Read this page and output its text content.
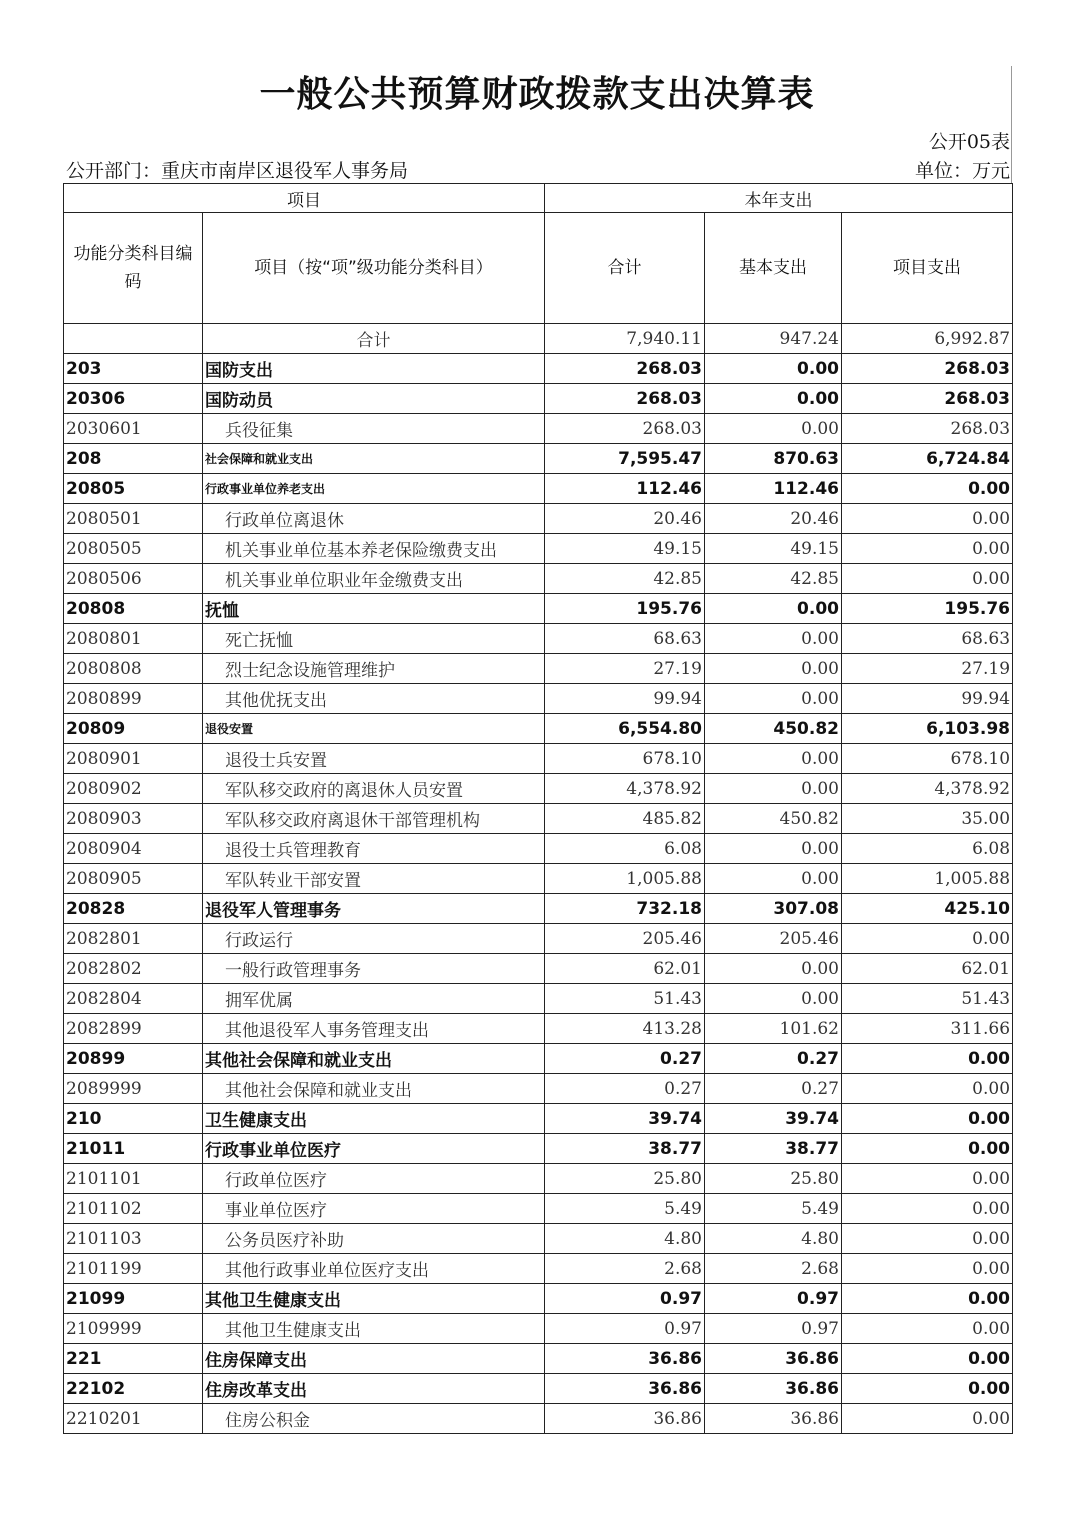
一般公共预算财政拨款支出决算表
公开05表
公开部门：重庆市南岸区退役军人事务局	单位：万元
项目		本年支出		
功能分类科目编码	项目（按“项”级功能分类科目）	合计	基本支出	项目支出
	合计	7,940.11	947.24	6,992.87
203	国防支出	268.03	0.00	268.03
20306	国防动员	268.03	0.00	268.03
2030601	兵役征集	268.03	0.00	268.03
208	社会保障和就业支出	7,595.47	870.63	6,724.84
20805	行政事业单位养老支出	112.46	112.46	0.00
2080501	行政单位离退休	20.46	20.46	0.00
2080505	机关事业单位基本养老保险缴费支出	49.15	49.15	0.00
2080506	机关事业单位职业年金缴费支出	42.85	42.85	0.00
20808	抚恤	195.76	0.00	195.76
2080801	死亡抚恤	68.63	0.00	68.63
2080808	烈士纪念设施管理维护	27.19	0.00	27.19
2080899	其他优抚支出	99.94	0.00	99.94
20809	退役安置	6,554.80	450.82	6,103.98
2080901	退役士兵安置	678.10	0.00	678.10
2080902	军队移交政府的离退休人员安置	4,378.92	0.00	4,378.92
2080903	军队移交政府离退休干部管理机构	485.82	450.82	35.00
2080904	退役士兵管理教育	6.08	0.00	6.08
2080905	军队转业干部安置	1,005.88	0.00	1,005.88
20828	退役军人管理事务	732.18	307.08	425.10
2082801	行政运行	205.46	205.46	0.00
2082802	一般行政管理事务	62.01	0.00	62.01
2082804	拥军优属	51.43	0.00	51.43
2082899	其他退役军人事务管理支出	413.28	101.62	311.66
20899	其他社会保障和就业支出	0.27	0.27	0.00
2089999	其他社会保障和就业支出	0.27	0.27	0.00
210	卫生健康支出	39.74	39.74	0.00
21011	行政事业单位医疗	38.77	38.77	0.00
2101101	行政单位医疗	25.80	25.80	0.00
2101102	事业单位医疗	5.49	5.49	0.00
2101103	公务员医疗补助	4.80	4.80	0.00
2101199	其他行政事业单位医疗支出	2.68	2.68	0.00
21099	其他卫生健康支出	0.97	0.97	0.00
2109999	其他卫生健康支出	0.97	0.97	0.00
221	住房保障支出	36.86	36.86	0.00
22102	住房改革支出	36.86	36.86	0.00
2210201	住房公积金	36.86	36.86	0.00
